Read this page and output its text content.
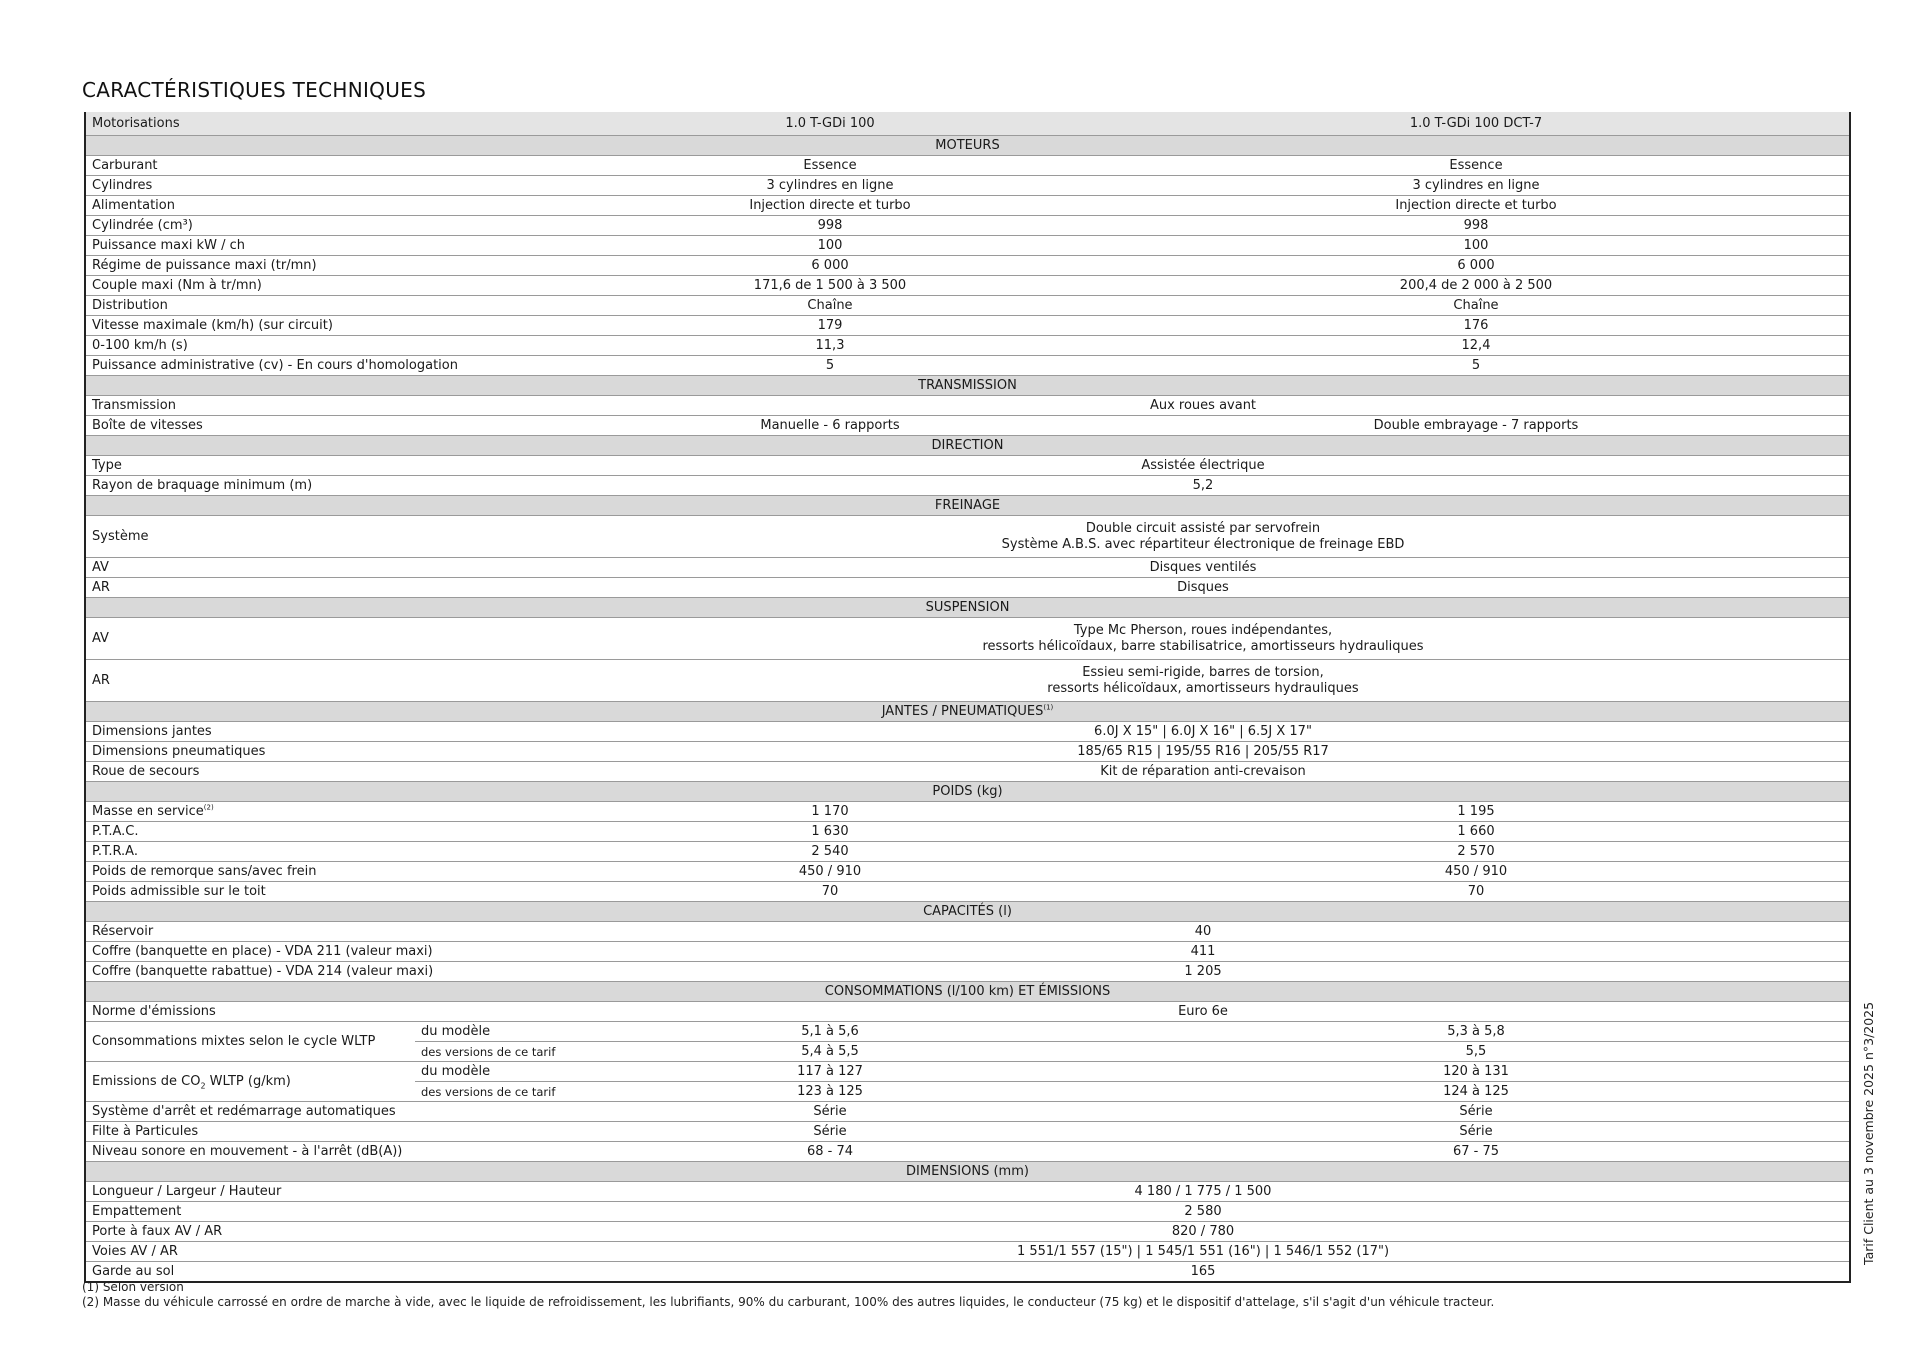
CARACTÉRISTIQUES TECHNIQUES
Motorisations		1.0 T-GDi 100	1.0 T-GDi 100 DCT-7
MOTEURS			
Carburant		Essence	Essence
Cylindres		3 cylindres en ligne	3 cylindres en ligne
Alimentation		Injection directe et turbo	Injection directe et turbo
Cylindrée (cm³)		998	998
Puissance maxi kW / ch		100	100
Régime de puissance maxi (tr/mn)		6 000	6 000
Couple maxi (Nm à tr/mn)		171,6 de 1 500 à 3 500	200,4 de 2 000 à 2 500
Distribution		Chaîne	Chaîne
Vitesse maximale (km/h) (sur circuit)		179	176
0-100 km/h (s)		11,3	12,4
Puissance administrative (cv) - En cours d'homologation		5	5
TRANSMISSION			
Transmission		Aux roues avant	
Boîte de vitesses		Manuelle - 6 rapports	Double embrayage - 7 rapports
DIRECTION			
Type		Assistée électrique	
Rayon de braquage minimum (m)		5,2	
FREINAGE			
Système		Double circuit assisté par servofrein
Système A.B.S. avec répartiteur électronique de freinage EBD	

AV		Disques ventilés	
AR		Disques	
SUSPENSION			
AV		Type Mc Pherson, roues indépendantes,
ressorts hélicoïdaux, barre stabilisatrice, amortisseurs hydrauliques	

AR		Essieu semi-rigide, barres de torsion,
ressorts hélicoïdaux, amortisseurs hydrauliques	

JANTES / PNEUMATIQUES$^{(1)}$
Dimensions jantes		6.0J X 15" | 6.0J X 16" | 6.5J X 17"	
Dimensions pneumatiques		185/65 R15 | 195/55 R16 | 205/55 R17	
Roue de secours		Kit de réparation anti-crevaison	
POIDS (kg)			
Masse en service$^{(2)}$		1 170	1 195
P.T.A.C.		1 630	1 660
P.T.R.A.		2 540	2 570
Poids de remorque sans/avec frein		450 / 910	450 / 910
Poids admissible sur le toit		70	70
CAPACITÉS (l)			
Réservoir		40	
Coffre (banquette en place) - VDA 211 (valeur maxi)		411	
Coffre (banquette rabattue) - VDA 214 (valeur maxi)		1 205	
CONSOMMATIONS (l/100 km) ET ÉMISSIONS			
Norme d'émissions		Euro 6e	
Consommations mixtes selon le cycle WLTP	du modèle	5,1 à 5,6	5,3 à 5,8
	des versions de ce tarif	5,4 à 5,5	5,5
Emissions de $CO_2$ WLTP (g/km)	du modèle	117 à 127	120 à 131
	des versions de ce tarif	123 à 125	124 à 125
Système d'arrêt et redémarrage automatiques		Série	Série
Filte à Particules		Série	Série
Niveau sonore en mouvement - à l'arrêt (dB(A))		68 - 74	67 - 75
DIMENSIONS (mm)			
Longueur / Largeur / Hauteur		4 180 / 1 775 / 1 500	
Empattement		2 580	
Porte à faux AV / AR		820 / 780	
Voies AV / AR		1 551/1 557 (15") | 1 545/1 551 (16") | 1 546/1 552 (17")	
Garde au sol		165	
(1) Selon version
(2) Masse du véhicule carrossé en ordre de marche à vide, avec le liquide de refroidissement, les lubrifiants, 90% du carburant, 100% des autres liquides, le conducteur (75 kg) et le dispositif d'attelage, s'il s'agit d'un véhicule tracteur.
Tarif Client au 3 novembre 2025 n°3/2025
